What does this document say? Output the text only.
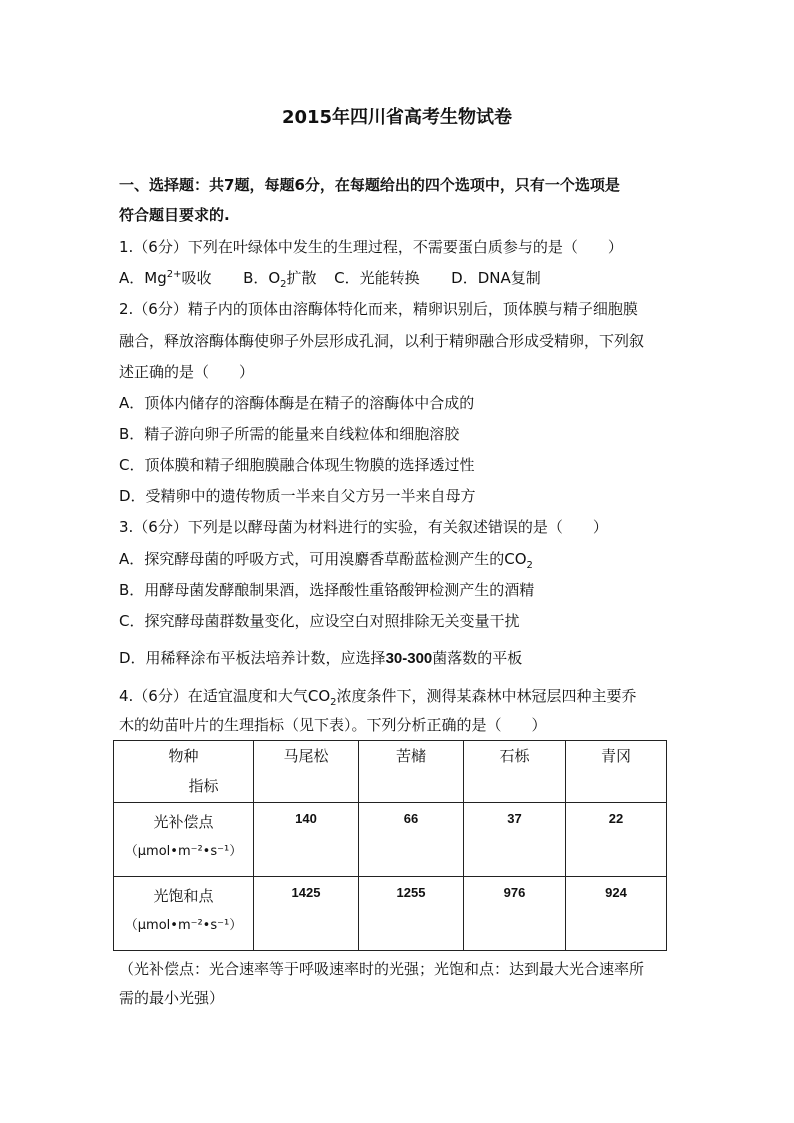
2015年四川省高考生物试卷
一、选择题：共7题，每题6分，在每题给出的四个选项中，只有一个选项是
符合题目要求的.
1.（6分）下列在叶绿体中发生的生理过程，不需要蛋白质参与的是（　　）
A．$Mg^{2+}$吸收 B．$O_2$扩散 C．光能转换 D．DNA复制
2.（6分）精子内的顶体由溶酶体特化而来，精卵识别后，顶体膜与精子细胞膜
融合，释放溶酶体酶使卵子外层形成孔洞，以利于精卵融合形成受精卵，下列叙
述正确的是（　　）
A．顶体内储存的溶酶体酶是在精子的溶酶体中合成的
B．精子游向卵子所需的能量来自线粒体和细胞溶胶
C．顶体膜和精子细胞膜融合体现生物膜的选择透过性
D．受精卵中的遗传物质一半来自父方另一半来自母方
3.（6分）下列是以酵母菌为材料进行的实验，有关叙述错误的是（　　）
A．探究酵母菌的呼吸方式，可用溴麝香草酚蓝检测产生的$CO_2$
B．用酵母菌发酵酿制果酒，选择酸性重铬酸钾检测产生的酒精
C．探究酵母菌群数量变化，应设空白对照排除无关变量干扰
D．用稀释涂布平板法培养计数，应选择30-300菌落数的平板
4.（6分）在适宜温度和大气$CO_2$浓度条件下，测得某森林中林冠层四种主要乔
木的幼苗叶片的生理指标（见下表）。下列分析正确的是（　　）
物种
指标	马尾松	苦槠	石栎	青冈

光补偿点
（μmol•m⁻²•s⁻¹）	140	66	37	22

光饱和点
（μmol•m⁻²•s⁻¹）	1425	1255	976	924
（光补偿点：光合速率等于呼吸速率时的光强；光饱和点：达到最大光合速率所
需的最小光强）
